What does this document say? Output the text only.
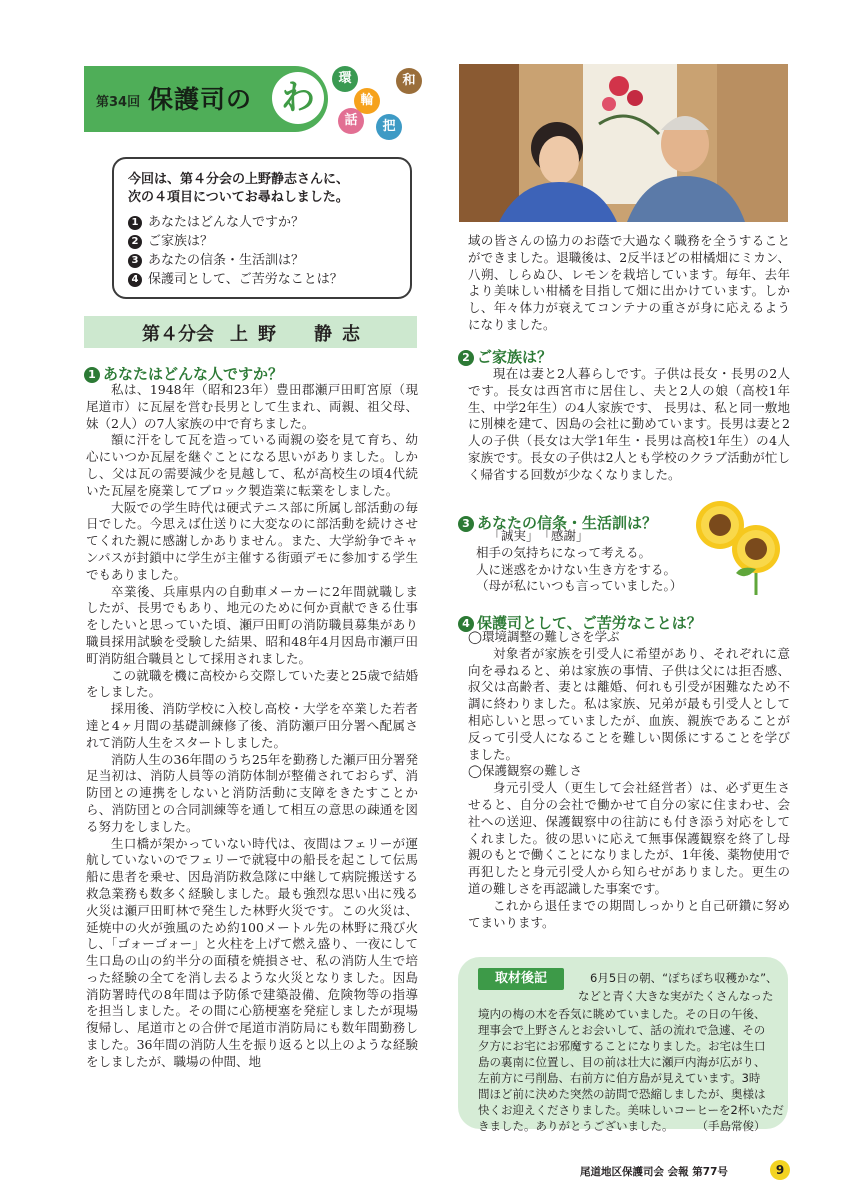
第34回 保護司の わ	環
輪
和
話	把
今回は、第４分会の上野静志さんに、
次の４項目についてお尋ねしました。
1 あなたはどんな人ですか？
2 ご家族は？
3 あなたの信条・生活訓は？
4 保護司として、ご苦労なことは？
第４分会 上野　静志
1 あなたはどんな人ですか？

私は、1948年（昭和23年）豊田郡瀬戸田町宮原（現尾道市）に瓦屋を営む長男として生まれ、両親、祖父母、妹（2人）の7人家族の中で育ちました。

額に汗をして瓦を造っている両親の姿を見て育ち、幼心にいつか瓦屋を継ぐことになる思いがありました。しかし、父は瓦の需要減少を見越して、私が高校生の頃4代続いた瓦屋を廃業してブロック製造業に転業をしました。

大阪での学生時代は硬式テニス部に所属し部活動の毎日でした。今思えば仕送りに大変なのに部活動を続けさせてくれた親に感謝しかありません。また、大学紛争でキャンパスが封鎖中に学生が主催する街頭デモに参加する学生でもありました。

卒業後、兵庫県内の自動車メーカーに2年間就職しましたが、長男でもあり、地元のために何か貢献できる仕事をしたいと思っていた頃、瀬戸田町の消防職員募集があり職員採用試験を受験した結果、昭和48年4月因島市瀬戸田町消防組合職員として採用されました。

この就職を機に高校から交際していた妻と25歳で結婚をしました。

採用後、消防学校に入校し高校・大学を卒業した若者達と4ヶ月間の基礎訓練修了後、消防瀬戸田分署へ配属されて消防人生をスタートしました。

消防人生の36年間のうち25年を勤務した瀬戸田分署発足当初は、消防人員等の消防体制が整備されておらず、消防団との連携をしないと消防活動に支障をきたすことから、消防団との合同訓練等を通して相互の意思の疎通を図る努力をしました。

生口橋が架かっていない時代は、夜間はフェリーが運航していないのでフェリーで就寝中の船長を起こして伝馬船に患者を乗せ、因島消防救急隊に中継して病院搬送する救急業務も数多く経験しました。最も強烈な思い出に残る火災は瀬戸田町林で発生した林野火災です。この火災は、延焼中の火が強風のため約100メートル先の林野に飛び火し、「ゴォーゴォー」と火柱を上げて燃え盛り、一夜にして生口島の山の約半分の面積を焼損させ、私の消防人生で培った経験の全てを消し去るような火災となりました。因島消防署時代の8年間は予防係で建築設備、危険物等の指導を担当しました。その間に心筋梗塞を発症しましたが現場復帰し、尾道市との合併で尾道市消防局にも数年間勤務しました。36年間の消防人生を振り返ると以上のような経験をしましたが、職場の仲間、地

域の皆さんの協力のお蔭で大過なく職務を全うすることができました。退職後は、2反半ほどの柑橘畑にミカン、八朔、しらぬひ、レモンを栽培しています。毎年、去年より美味しい柑橘を目指して畑に出かけています。しかし、年々体力が衰えてコンテナの重さが身に応えるようになりました。

2 ご家族は？

現在は妻と2人暮らしです。子供は長女・長男の2人です。長女は西宮市に居住し、夫と2人の娘（高校1年生、中学2年生）の4人家族です、 長男は、私と同一敷地に別棟を建て、因島の会社に勤めています。長男は妻と2人の子供（長女は大学1年生・長男は高校1年生）の4人家族です。長女の子供は2人とも学校のクラブ活動が忙しく帰省する回数が少なくなりました。

3 あなたの信条・生活訓は？
「誠実」　「感謝」
相手の気持ちになって考える。
人に迷惑をかけない生き方をする。
（母が私にいつも言っていました。）
4 保護司として、ご苦労なことは？
◯環境調整の難しさを学ぶ

対象者が家族を引受人に希望があり、それぞれに意向を尋ねると、弟は家族の事情、子供は父には拒否感、叔父は高齢者、妻とは離婚、何れも引受が困難なため不調に終わりました。私は家族、兄弟が最も引受人として相応しいと思っていましたが、血族、親族であることが反って引受人になることを難しい関係にすることを学びました。

◯保護観察の難しさ

身元引受人（更生して会社経営者）は、必ず更生させると、自分の会社で働かせて自分の家に住まわせ、会社への送迎、保護観察中の往訪にも付き添う対応をしてくれました。彼の思いに応えて無事保護観察を終了し母親のもとで働くことになりましたが、1年後、薬物使用で再犯したと身元引受人から知らせがありました。更生の道の難しさを再認識した事案です。

これから退任までの期間しっかりと自己研鑽に努めてまいります。

取材後記	6月5日の朝、“ぽちぽち収穫かな”、
などと青く大きな実がたくさんなった
境内の梅の木を呑気に眺めていました。その日の午後、
理事会で上野さんとお会いして、話の流れで急遽、その
夕方にお宅にお邪魔することになりました。お宅は生口
島の裏南に位置し、目の前は壮大に瀬戸内海が広がり、
左前方に弓削島、右前方に伯方島が見えています。3時
間ほど前に決めた突然の訪問で恐縮しましたが、奥様は
快くお迎えくださりました。美味しいコーヒーを2杯いただ
きました。ありがとうございました。　　　（手島常俊）
尾道地区保護司会 会報 第77号	9
